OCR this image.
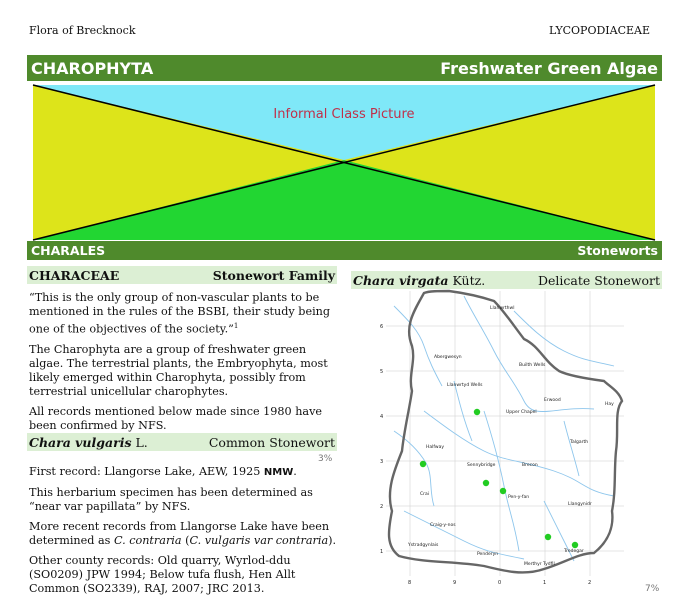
Flora of Brecknock	LYCOPODIACEAE
CHAROPHYTA	Freshwater Green Algae
Informal Class Picture
CHARALES	Stoneworts
CHARACEAE	Stonewort Family

“This is the only group of non-vascular plants to be mentioned in the rules of the BSBI, their study being one of the objectives of the society.”$^1$

The Charophyta are a group of freshwater green algae. The terrestrial plants, the Embryophyta, most likely emerged within Charophyta, possibly from terrestrial unicellular charophytes.

All records mentioned below made since 1980 have been confirmed by NFS.

Chara vulgaris L.	Common Stonewort
3%

First record: Llangorse Lake, AEW, 1925 NMW.

This herbarium specimen has been determined as “near var papillata” by NFS.

More recent records from Llangorse Lake have been determined as C. contraria (C. vulgaris var contraria).

Other county records: Old quarry, Wyrlod-ddu (SO0209) JPW 1994; Below tufa flush, Hen Allt Common (SO2339), RAJ, 2007; JRC 2013.

Chara virgata Kütz.	Delicate Stonewort
8	9	0	1	2
6
5
4
3
2
1
Llanwrthwl
Abergwesyn
Builth Wells
Llanwrtyd Wells
Erwood
Hay
Upper Chapel
Talgarth
Halfway
Sennybridge	Brecon
Pen-y-fan
Llangynidr
Crai
Craig-y-nos
Ystradgynlais
Penderyn
Merthyr Tydfil
Tredegar
7%
